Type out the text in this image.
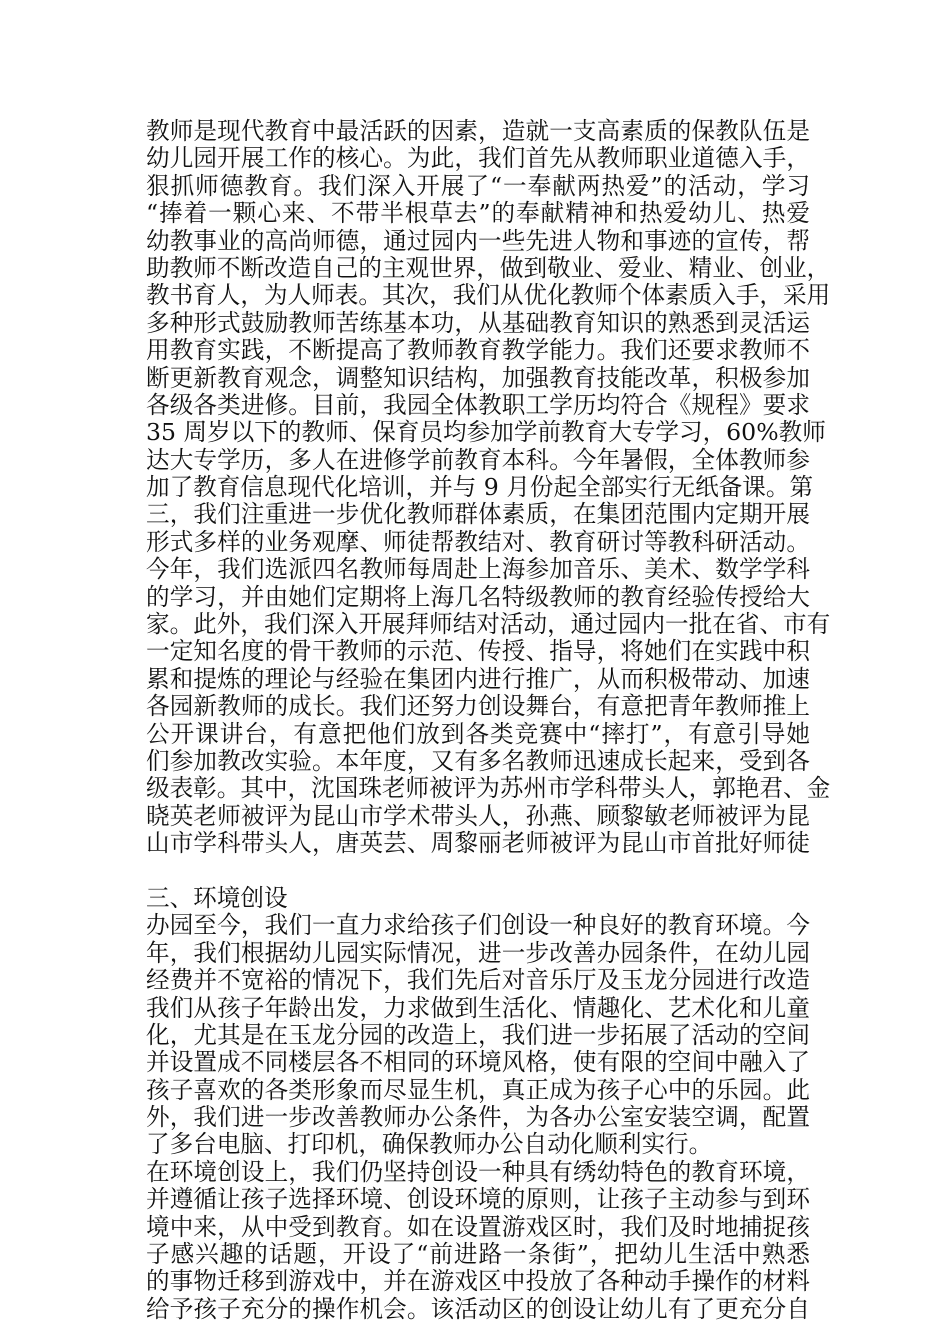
教师是现代教育中最活跃的因素，造就一支高素质的保教队伍是
幼儿园开展工作的核心。为此，我们首先从教师职业道德入手，
狠抓师德教育。我们深入开展了“一奉献两热爱”的活动，学习
“捧着一颗心来、不带半根草去”的奉献精神和热爱幼儿、热爱
幼教事业的高尚师德，通过园内一些先进人物和事迹的宣传，帮
助教师不断改造自己的主观世界，做到敬业、爱业、精业、创业，
教书育人，为人师表。其次，我们从优化教师个体素质入手，采用
多种形式鼓励教师苦练基本功，从基础教育知识的熟悉到灵活运
用教育实践，不断提高了教师教育教学能力。我们还要求教师不
断更新教育观念，调整知识结构，加强教育技能改革，积极参加
各级各类进修。目前，我园全体教职工学历均符合《规程》要求
35 周岁以下的教师、保育员均参加学前教育大专学习，60%教师
达大专学历，多人在进修学前教育本科。今年暑假，全体教师参
加了教育信息现代化培训，并与 9 月份起全部实行无纸备课。第
三，我们注重进一步优化教师群体素质，在集团范围内定期开展
形式多样的业务观摩、师徒帮教结对、教育研讨等教科研活动。
今年，我们选派四名教师每周赴上海参加音乐、美术、数学学科
的学习，并由她们定期将上海几名特级教师的教育经验传授给大
家。此外，我们深入开展拜师结对活动，通过园内一批在省、市有
一定知名度的骨干教师的示范、传授、指导，将她们在实践中积
累和提炼的理论与经验在集团内进行推广，从而积极带动、加速
各园新教师的成长。我们还努力创设舞台，有意把青年教师推上
公开课讲台，有意把他们放到各类竞赛中“摔打”，有意引导她
们参加教改实验。本年度，又有多名教师迅速成长起来，受到各
级表彰。其中，沈国珠老师被评为苏州市学科带头人，郭艳君、金
晓英老师被评为昆山市学术带头人，孙燕、顾黎敏老师被评为昆
山市学科带头人，唐英芸、周黎丽老师被评为昆山市首批好师徒
三、环境创设
办园至今，我们一直力求给孩子们创设一种良好的教育环境。今
年，我们根据幼儿园实际情况，进一步改善办园条件，在幼儿园
经费并不宽裕的情况下，我们先后对音乐厅及玉龙分园进行改造
我们从孩子年龄出发，力求做到生活化、情趣化、艺术化和儿童
化，尤其是在玉龙分园的改造上，我们进一步拓展了活动的空间
并设置成不同楼层各不相同的环境风格，使有限的空间中融入了
孩子喜欢的各类形象而尽显生机，真正成为孩子心中的乐园。此
外，我们进一步改善教师办公条件，为各办公室安装空调，配置
了多台电脑、打印机，确保教师办公自动化顺利实行。
在环境创设上，我们仍坚持创设一种具有绣幼特色的教育环境，
并遵循让孩子选择环境、创设环境的原则，让孩子主动参与到环
境中来，从中受到教育。如在设置游戏区时，我们及时地捕捉孩
子感兴趣的话题，开设了“前进路一条街”，把幼儿生活中熟悉
的事物迁移到游戏中，并在游戏区中投放了各种动手操作的材料
给予孩子充分的操作机会。该活动区的创设让幼儿有了更充分自
